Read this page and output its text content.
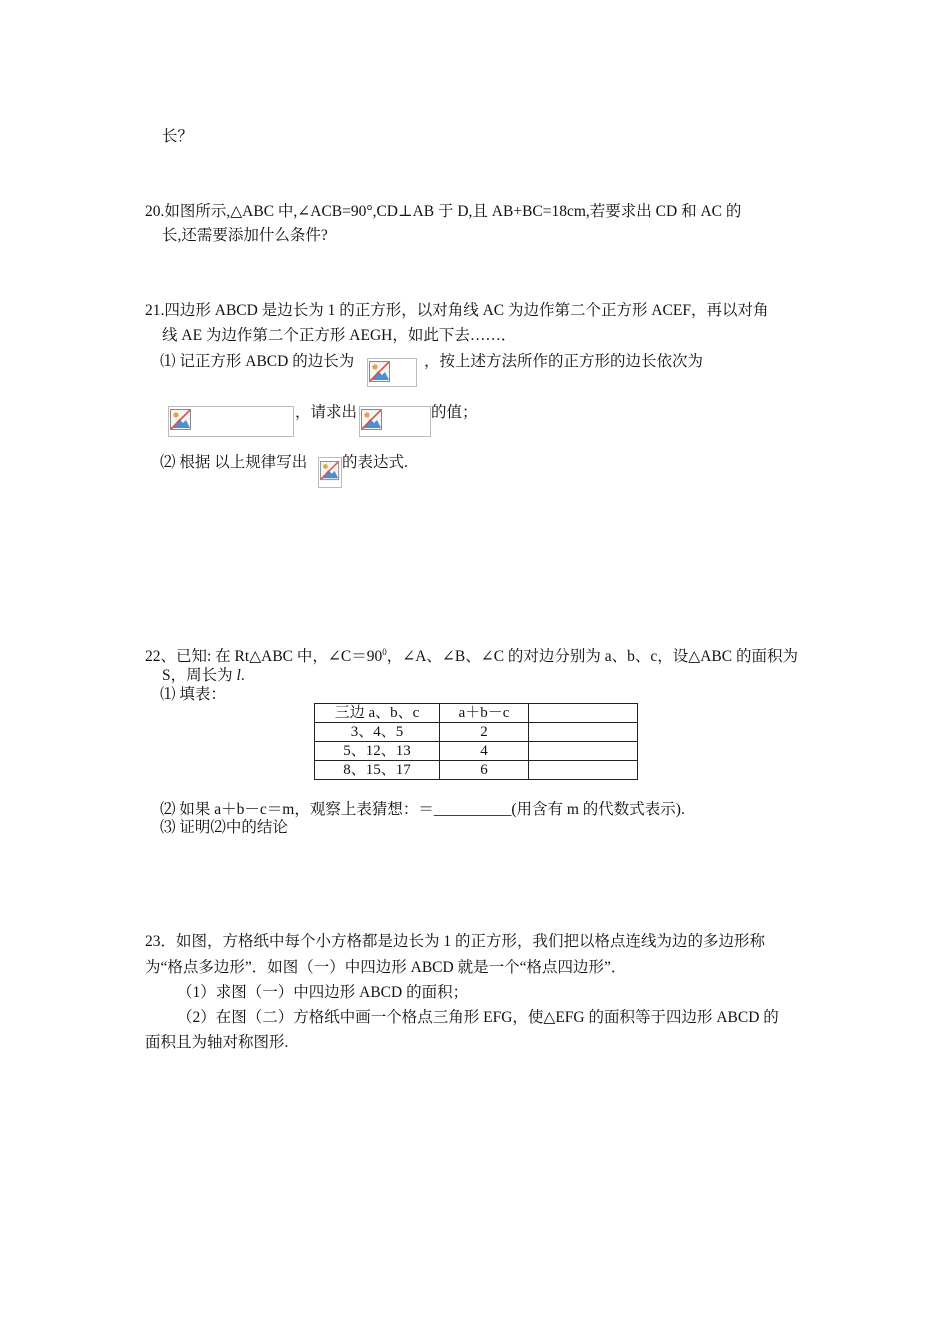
长？
20.如图所示,△ABC 中,∠ACB=90°,CD⊥AB 于 D,且 AB+BC=18cm,若要求出 CD 和 AC 的
长,还需要添加什么条件?
21.四边形 ABCD 是边长为 1 的正方形，以对角线 AC 为边作第二个正方形 ACEF，再以对角
线 AE 为边作第二个正方形 AEGH，如此下去……．
⑴ 记正方形 ABCD 的边长为	，按上述方法所作的正方形的边长依次为
，请求出	的值；
⑵ 根据 以上规律写出 的表达式.
22、已知: 在 Rt△ABC 中，$\angle C=90^0$，∠A、∠B、∠C 的对边分别为 a、b、c，设△ABC 的面积为
S，周长为 l.
⑴ 填表：
三边 a、b、c	a＋b－c	
3、4、5	2	
5、12、13	4	
8、15、17	6	
⑵ 如果 a＋b－c＝m，观察上表猜想：＝__________(用含有 m 的代数式表示).
⑶ 证明⑵中的结论
23．如图，方格纸中每个小方格都是边长为 1 的正方形，我们把以格点连线为边的多边形称
为“格点多边形”．如图（一）中四边形 ABCD 就是一个“格点四边形”．
（1）求图（一）中四边形 ABCD 的面积；
（2）在图（二）方格纸中画一个格点三角形 EFG，使△EFG 的面积等于四边形 ABCD 的
面积且为轴对称图形.
